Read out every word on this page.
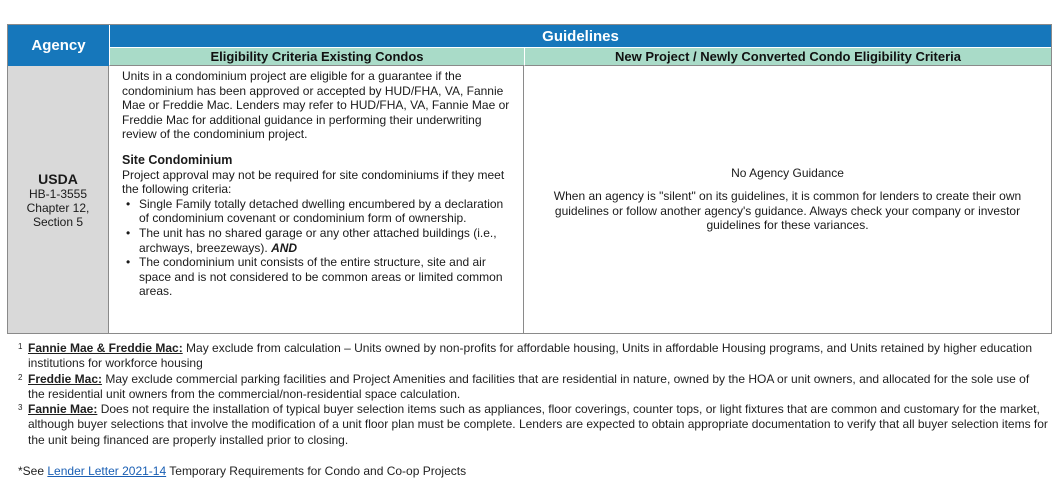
Agency
Guidelines
Eligibility Criteria Existing Condos	New Project / Newly Converted Condo Eligibility Criteria
USDA
HB-1-3555
Chapter 12,
Section 5

Units in a condominium project are eligible for a guarantee if the condominium has been approved or accepted by HUD/FHA, VA, Fannie Mae or Freddie Mac. Lenders may refer to HUD/FHA, VA, Fannie Mae or Freddie Mac for additional guidance in performing their underwriting review of the condominium project.

Site Condominium

Project approval may not be required for site condominiums if they meet the following criteria:

• Single Family totally detached dwelling encumbered by a declaration of condominium covenant or condominium form of ownership.
• The unit has no shared garage or any other attached buildings (i.e., archways, breezeways). AND
• The condominium unit consists of the entire structure, site and air space and is not considered to be common areas or limited common areas.

No Agency Guidance

When an agency is "silent" on its guidelines, it is common for lenders to create their own guidelines or follow another agency's guidance. Always check your company or investor guidelines for these variances.

1 Fannie Mae & Freddie Mac: May exclude from calculation – Units owned by non-profits for affordable housing, Units in affordable Housing programs, and Units retained by higher education institutions for workforce housing
2 Freddie Mac: May exclude commercial parking facilities and Project Amenities and facilities that are residential in nature, owned by the HOA or unit owners, and allocated for the sole use of the residential unit owners from the commercial/non-residential space calculation.
3 Fannie Mae: Does not require the installation of typical buyer selection items such as appliances, floor coverings, counter tops, or light fixtures that are common and customary for the market, although buyer selections that involve the modification of a unit floor plan must be complete. Lenders are expected to obtain appropriate documentation to verify that all buyer selection items for the unit being financed are properly installed prior to closing.
*See Lender Letter 2021-14 Temporary Requirements for Condo and Co-op Projects
